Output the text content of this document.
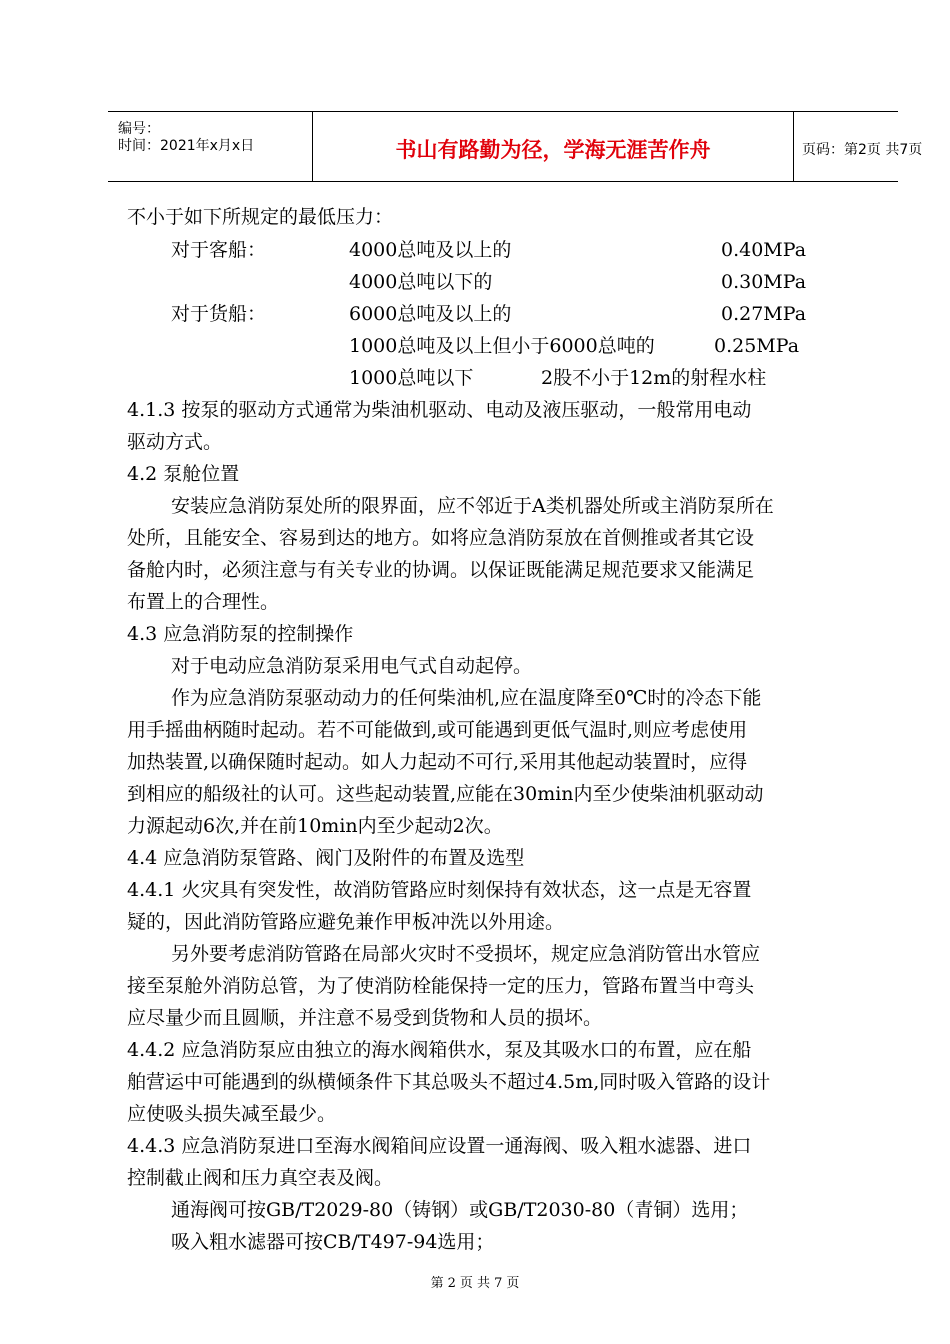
编号：
时间：2021年x月x日	书山有路勤为径，学海无涯苦作舟	页码：第2页 共7页
不小于如下所规定的最低压力：
对于客船：	4000总吨及以上的	0.40MPa
4000总吨以下的	0.30MPa
对于货船：	6000总吨及以上的	0.27MPa
1000总吨及以上但小于6000总吨的	0.25MPa
1000总吨以下	2股不小于12m的射程水柱
4.1.3 按泵的驱动方式通常为柴油机驱动、电动及液压驱动，一般常用电动
驱动方式。
4.2 泵舱位置
安装应急消防泵处所的限界面，应不邻近于A类机器处所或主消防泵所在
处所，且能安全、容易到达的地方。如将应急消防泵放在首侧推或者其它设
备舱内时，必须注意与有关专业的协调。以保证既能满足规范要求又能满足
布置上的合理性。
4.3 应急消防泵的控制操作
对于电动应急消防泵采用电气式自动起停。
作为应急消防泵驱动动力的任何柴油机,应在温度降至0℃时的冷态下能
用手摇曲柄随时起动。若不可能做到,或可能遇到更低气温时,则应考虑使用
加热装置,以确保随时起动。如人力起动不可行,采用其他起动装置时，应得
到相应的船级社的认可。这些起动装置,应能在30min内至少使柴油机驱动动
力源起动6次,并在前10min内至少起动2次。
4.4 应急消防泵管路、阀门及附件的布置及选型
4.4.1 火灾具有突发性，故消防管路应时刻保持有效状态，这一点是无容置
疑的，因此消防管路应避免兼作甲板冲洗以外用途。
另外要考虑消防管路在局部火灾时不受损坏，规定应急消防管出水管应
接至泵舱外消防总管，为了使消防栓能保持一定的压力，管路布置当中弯头
应尽量少而且圆顺，并注意不易受到货物和人员的损坏。
4.4.2 应急消防泵应由独立的海水阀箱供水，泵及其吸水口的布置，应在船
舶营运中可能遇到的纵横倾条件下其总吸头不超过4.5m,同时吸入管路的设计
应使吸头损失减至最少。
4.4.3 应急消防泵进口至海水阀箱间应设置一通海阀、吸入粗水滤器、进口
控制截止阀和压力真空表及阀。
通海阀可按GB/T2029-80（铸钢）或GB/T2030-80（青铜）选用；
吸入粗水滤器可按CB/T497-94选用；
第 2 页 共 7 页
